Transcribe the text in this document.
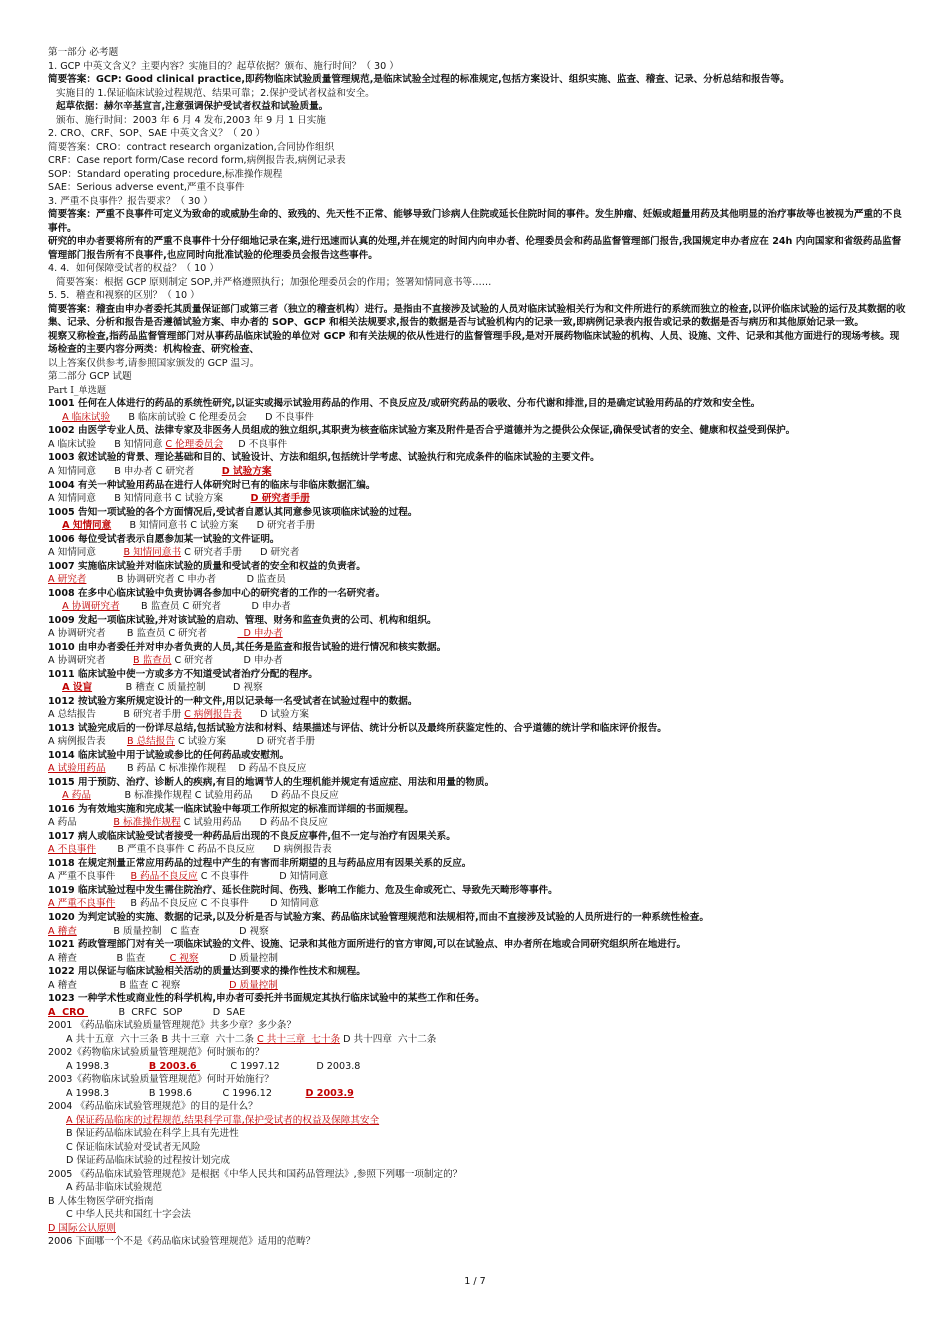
第一部分 必考题
1. GCP 中英文含义？主要内容？实施目的？起草依据？颁布、施行时间？（ 30 ）
简要答案：GCP: Good clinical practice,即药物临床试验质量管理规范,是临床试验全过程的标准规定,包括方案设计、组织实施、监查、稽查、记录、分析总结和报告等。
实施目的 1.保证临床试验过程规范、结果可靠；2.保护受试者权益和安全。
起草依据：赫尔辛基宣言,注意强调保护受试者权益和试验质量。
颁布、施行时间：2003 年 6 月 4 发布,2003 年 9 月 1 日实施
2. CRO、CRF、SOP、SAE 中英文含义？（ 20 ）
简要答案：CRO：contract research organization,合同协作组织
CRF：Case report form/Case record form,病例报告表,病例记录表
SOP：Standard operating procedure,标准操作规程
SAE：Serious adverse event,严重不良事件
3. 严重不良事件？报告要求？（ 30 ）
简要答案：严重不良事件可定义为致命的或威胁生命的、致残的、先天性不正常、能够导致门诊病人住院或延长住院时间的事件。发生肿瘤、妊娠或超量用药及其他明显的治疗事故等也被视为严重的不良事件。
研究的申办者要将所有的严重不良事件十分仔细地记录在案,进行迅速而认真的处理,并在规定的时间内向申办者、伦理委员会和药品监督管理部门报告,我国规定申办者应在 24h 内向国家和省级药品监督管理部门报告所有不良事件,也应同时向批准试验的伦理委员会报告这些事件。
4. 4．如何保障受试者的权益？（ 10 ）
简要答案：根据 GCP 原则制定 SOP,并严格遵照执行；加强伦理委员会的作用；签署知情同意书等……
5. 5．稽查和视察的区别？（ 10 ）
简要答案：稽查由申办者委托其质量保证部门或第三者（独立的稽查机构）进行。是指由不直接涉及试验的人员对临床试验相关行为和文件所进行的系统而独立的检查,以评价临床试验的运行及其数据的收集、记录、分析和报告是否遵循试验方案、申办者的 SOP、GCP 和相关法规要求,报告的数据是否与试验机构内的记录一致,即病例记录表内报告或记录的数据是否与病历和其他原始记录一致。
视察又称检查,指药品监督管理部门对从事药品临床试验的单位对 GCP 和有关法规的依从性进行的监督管理手段,是对开展药物临床试验的机构、人员、设施、文件、记录和其他方面进行的现场考核。现场检查的主要内容分两类：机构检查、研究检查、
以上答案仅供参考,请参照国家颁发的 GCP 温习。
第二部分 GCP 试题
Part I_单选题
1001 任何在人体进行的药品的系统性研究,以证实或揭示试验用药品的作用、不良反应及/或研究药品的吸收、分布代谢和排泄,目的是确定试验用药品的疗效和安全性。
A 临床试验      B 临床前试验 C 伦理委员会      D 不良事件
1002 由医学专业人员、法律专家及非医务人员组成的独立组织,其职责为核查临床试验方案及附件是否合乎道德并为之提供公众保证,确保受试者的安全、健康和权益受到保护。
A 临床试验      B 知情同意 C 伦理委员会     D 不良事件
1003 叙述试验的背景、理论基础和目的、试验设计、方法和组织,包括统计学考虑、试验执行和完成条件的临床试验的主要文件。
A 知情同意      B 申办者 C 研究者         D 试验方案
1004 有关一种试验用药品在进行人体研究时已有的临床与非临床数据汇编。
A 知情同意      B 知情同意书 C 试验方案         D 研究者手册
1005 告知一项试验的各个方面情况后,受试者自愿认其同意参见该项临床试验的过程。
A 知情同意      B 知情同意书 C 试验方案      D 研究者手册
1006 每位受试者表示自愿参加某一试验的文件证明。
A 知情同意         B 知情同意书 C 研究者手册      D 研究者
1007 实施临床试验并对临床试验的质量和受试者的安全和权益的负责者。
A 研究者          B 协调研究者 C 申办者          D 监查员
1008 在多中心临床试验中负责协调各参加中心的研究者的工作的一名研究者。
A 协调研究者       B 监查员 C 研究者          D 申办者
1009 发起一项临床试验,并对该试验的启动、管理、财务和监查负责的公司、机构和组织。
A 协调研究者       B 监查员 C 研究者            D 申办者
1010 由申办者委任并对申办者负责的人员,其任务是监查和报告试验的进行情况和核实数据。
A 协调研究者         B 监查员 C 研究者          D 申办者
1011 临床试验中使一方或多方不知道受试者治疗分配的程序。
A 设盲           B 稽查 C 质量控制         D 视察
1012 按试验方案所规定设计的一种文件,用以记录每一名受试者在试验过程中的数据。
A 总结报告         B 研究者手册 C 病例报告表      D 试验方案
1013 试验完成后的一份详尽总结,包括试验方法和材料、结果描述与评估、统计分析以及最终所获鉴定性的、合乎道德的统计学和临床评价报告。
A 病例报告表       B 总结报告 C 试验方案          D 研究者手册
1014 临床试验中用于试验或参比的任何药品或安慰剂。
A 试验用药品       B 药品 C 标准操作规程    D 药品不良反应
1015 用于预防、治疗、诊断人的疾病,有目的地调节人的生理机能并规定有适应症、用法和用量的物质。
A 药品           B 标准操作规程 C 试验用药品      D 药品不良反应
1016 为有效地实施和完成某一临床试验中每项工作所拟定的标准而详细的书面规程。
A 药品            B 标准操作规程 C 试验用药品      D 药品不良反应
1017 病人或临床试验受试者接受一种药品后出现的不良反应事件,但不一定与治疗有因果关系。
A 不良事件       B 严重不良事件 C 药品不良反应      D 病例报告表
1018 在规定剂量正常应用药品的过程中产生的有害而非所期望的且与药品应用有因果关系的反应。
A 严重不良事件     B 药品不良反应 C 不良事件          D 知情同意
1019 临床试验过程中发生需住院治疗、延长住院时间、伤残、影响工作能力、危及生命或死亡、导致先天畸形等事件。
A 严重不良事件     B 药品不良反应 C 不良事件       D 知情同意
1020 为判定试验的实施、数据的记录,以及分析是否与试验方案、药品临床试验管理规范和法规相符,而由不直接涉及试验的人员所进行的一种系统性检查。
A 稽查            B 质量控制   C 监查             D 视察
1021 药政管理部门对有关一项临床试验的文件、设施、记录和其他方面所进行的官方审阅,可以在试验点、申办者所在地或合同研究组织所在地进行。
A 稽查             B 监查        C 视察          D 质量控制
1022 用以保证与临床试验相关活动的质量达到要求的操作性技术和规程。
A 稽查              B 监查 C 视察                D 质量控制
1023 一种学术性或商业性的科学机构,申办者可委托并书面规定其执行临床试验中的某些工作和任务。
A  CRO           B  CRFC  SOP          D  SAE
2001 《药品临床试验质量管理规范》共多少章？多少条？
A 共十五章  六十三条 B 共十三章  六十二条 C 共十三章  七十条 D 共十四章  六十二条
2002《药物临床试验质量管理规范》何时颁布的？
A 1998.3             B 2003.6           C 1997.12            D 2003.8
2003《药物临床试验质量管理规范》何时开始施行？
A 1998.3             B 1998.6          C 1996.12           D 2003.9
2004 《药品临床试验管理规范》的目的是什么？
A 保证药品临床的过程规范,结果科学可靠,保护受试者的权益及保障其安全
B 保证药品临床试验在科学上具有先进性
C 保证临床试验对受试者无风险
D 保证药品临床试验的过程按计划完成
2005 《药品临床试验管理规范》是根据《中华人民共和国药品管理法》,参照下列哪一项制定的？
A 药品非临床试验规范
B 人体生物医学研究指南
C 中华人民共和国红十字会法
D 国际公认原则
2006 下面哪一个不是《药品临床试验管理规范》适用的范畴？
1 / 7
